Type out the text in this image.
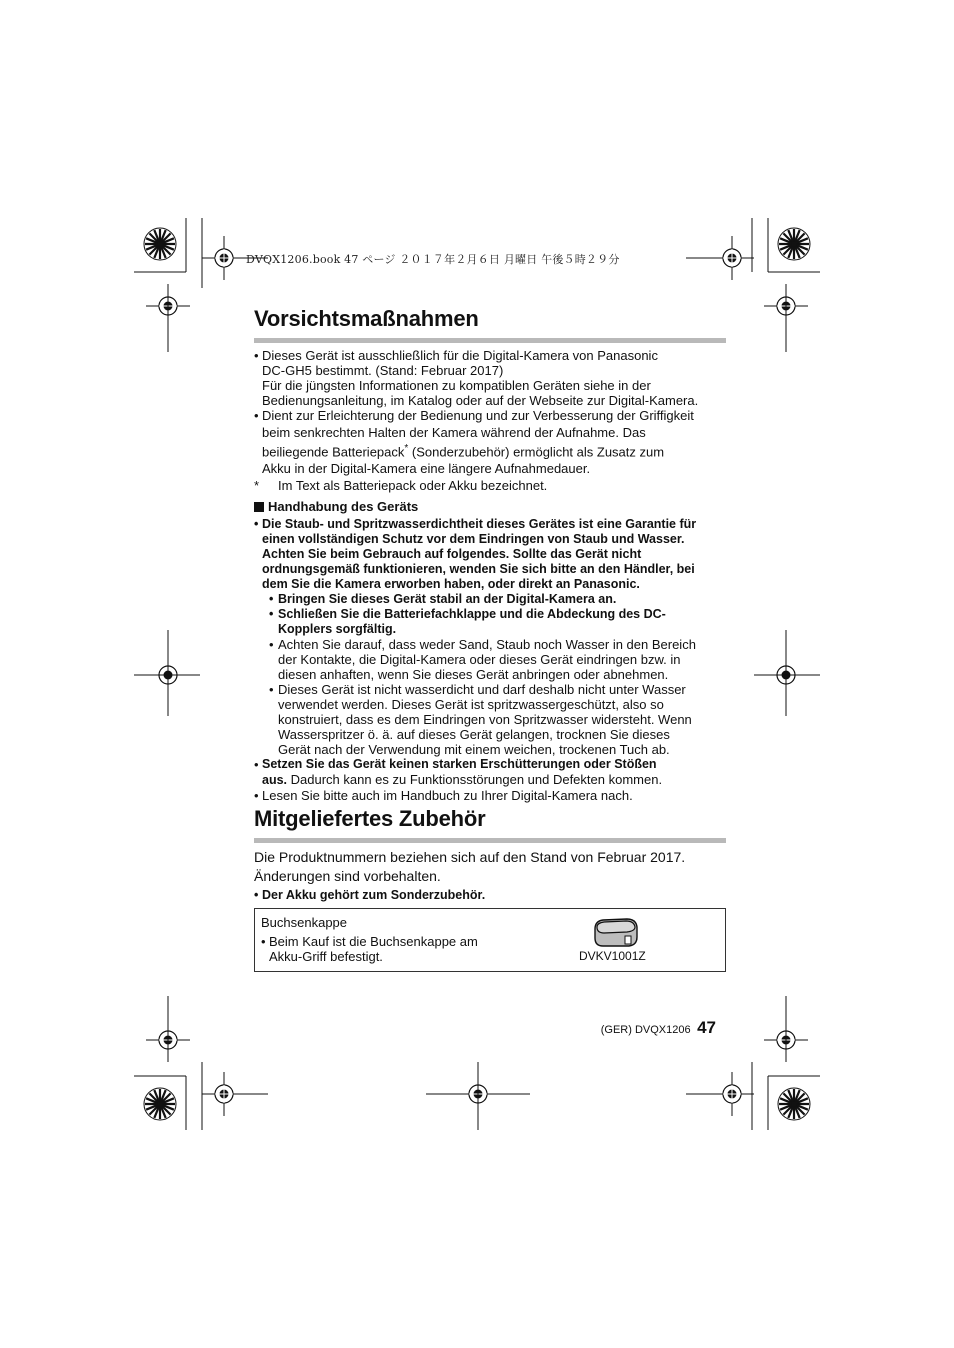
DVQX1206.book 47 ページ ２０１７年２月６日 月曜日 午後５時２９分
Vorsichtsmaßnahmen
• Dieses Gerät ist ausschließlich für die Digital-Kamera von Panasonic
DC-GH5 bestimmt. (Stand: Februar 2017)
Für die jüngsten Informationen zu kompatiblen Geräten siehe in der
Bedienungsanleitung, im Katalog oder auf der Webseite zur Digital-Kamera.
• Dient zur Erleichterung der Bedienung und zur Verbesserung der Griffigkeit
beim senkrechten Halten der Kamera während der Aufnahme. Das
beiliegende Batteriepack* (Sonderzubehör) ermöglicht als Zusatz zum
Akku in der Digital-Kamera eine längere Aufnahmedauer.
* Im Text als Batteriepack oder Akku bezeichnet.
Handhabung des Geräts
• Die Staub- und Spritzwasserdichtheit dieses Gerätes ist eine Garantie für
einen vollständigen Schutz vor dem Eindringen von Staub und Wasser.
Achten Sie beim Gebrauch auf folgendes. Sollte das Gerät nicht
ordnungsgemäß funktionieren, wenden Sie sich bitte an den Händler, bei
dem Sie die Kamera erworben haben, oder direkt an Panasonic.
• Bringen Sie dieses Gerät stabil an der Digital-Kamera an.
• Schließen Sie die Batteriefachklappe und die Abdeckung des DC-
Kopplers sorgfältig.
• Achten Sie darauf, dass weder Sand, Staub noch Wasser in den Bereich
der Kontakte, die Digital-Kamera oder dieses Gerät eindringen bzw. in
diesen anhaften, wenn Sie dieses Gerät anbringen oder abnehmen.
• Dieses Gerät ist nicht wasserdicht und darf deshalb nicht unter Wasser
verwendet werden. Dieses Gerät ist spritzwassergeschützt, also so
konstruiert, dass es dem Eindringen von Spritzwasser widersteht. Wenn
Wasserspritzer ö. ä. auf dieses Gerät gelangen, trocknen Sie dieses
Gerät nach der Verwendung mit einem weichen, trockenen Tuch ab.
• Setzen Sie das Gerät keinen starken Erschütterungen oder Stößen
aus. Dadurch kann es zu Funktionsstörungen und Defekten kommen.
• Lesen Sie bitte auch im Handbuch zu Ihrer Digital-Kamera nach.
Mitgeliefertes Zubehör
Die Produktnummern beziehen sich auf den Stand von Februar 2017.
Änderungen sind vorbehalten.
• Der Akku gehört zum Sonderzubehör.
Buchsenkappe
• Beim Kauf ist die Buchsenkappe am
Akku-Griff befestigt.	DVKV1001Z
(GER) DVQX1206 47
